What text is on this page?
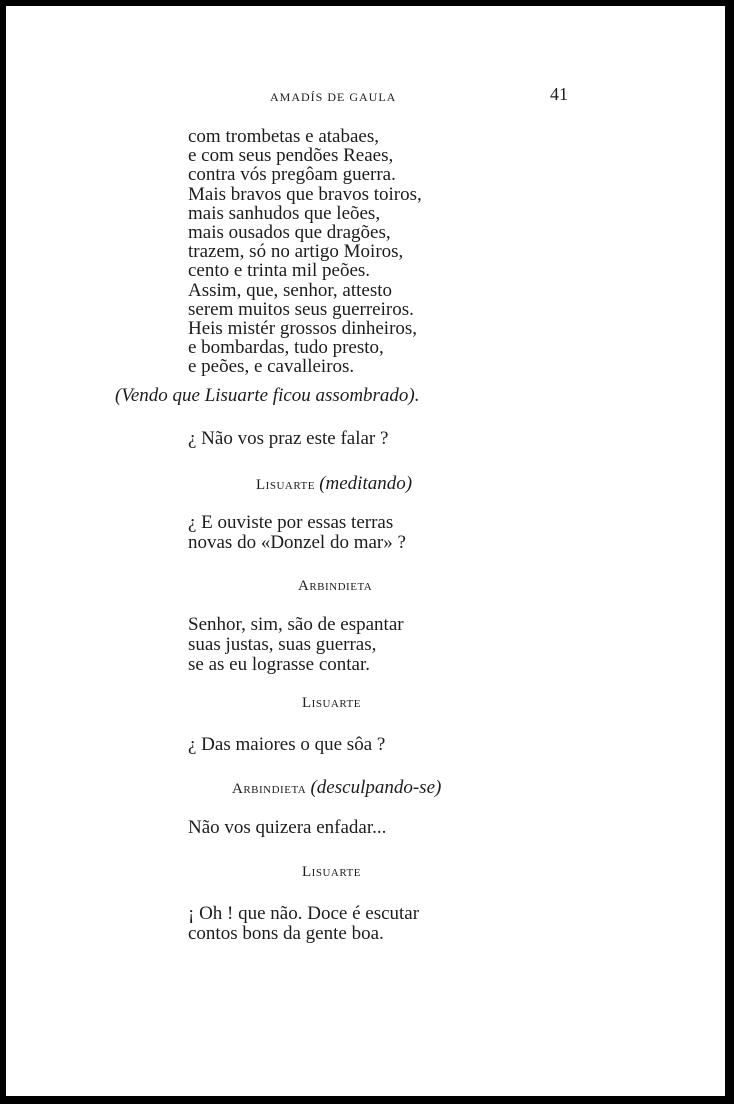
AMADÍS DE GAULA	41
com trombetas e atabaes,
e com seus pendões Reaes,
contra vós pregôam guerra.
Mais bravos que bravos toiros,
mais sanhudos que leões,
mais ousados que dragões,
trazem, só no artigo Moiros,
cento e trinta mil peões.
Assim, que, senhor, attesto
serem muitos seus guerreiros.
Heis mistér grossos dinheiros,
e bombardas, tudo presto,
e peões, e cavalleiros.
(Vendo que Lisuarte ficou assombrado).
¿ Não vos praz este falar ?
Lisuarte (meditando)
¿ E ouviste por essas terras
novas do «Donzel do mar» ?
Arbindieta
Senhor, sim, são de espantar
suas justas, suas guerras,
se as eu lograsse contar.
Lisuarte
¿ Das maiores o que sôa ?
Arbindieta (desculpando-se)
Não vos quizera enfadar...
Lisuarte
¡ Oh ! que não. Doce é escutar
contos bons da gente boa.
